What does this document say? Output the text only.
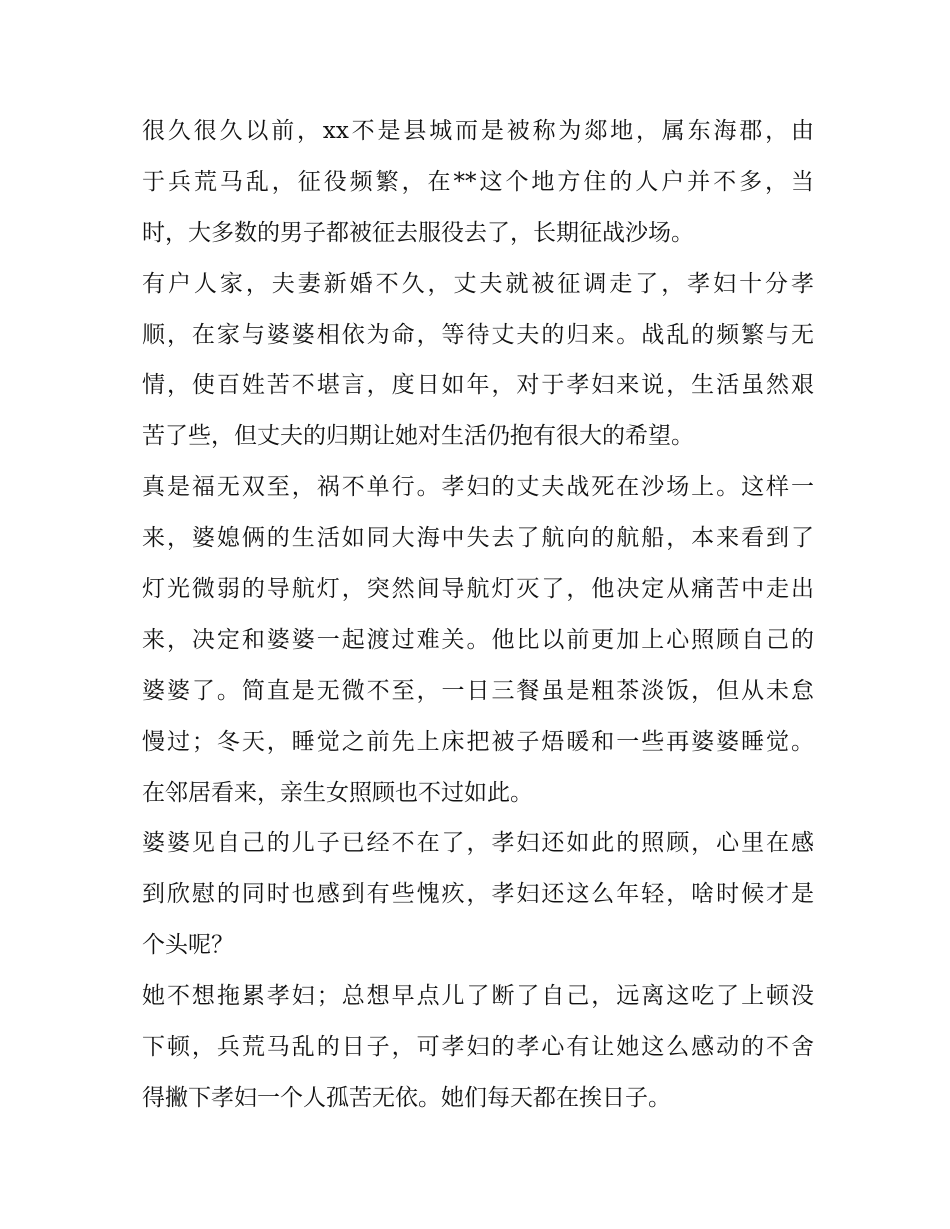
很久很久以前，xx不是县城而是被称为郯地，属东海郡，由
于兵荒马乱，征役频繁，在**这个地方住的人户并不多，当
时，大多数的男子都被征去服役去了，长期征战沙场。
有户人家，夫妻新婚不久，丈夫就被征调走了，孝妇十分孝
顺，在家与婆婆相依为命，等待丈夫的归来。战乱的频繁与无
情，使百姓苦不堪言，度日如年，对于孝妇来说，生活虽然艰
苦了些，但丈夫的归期让她对生活仍抱有很大的希望。
真是福无双至，祸不单行。孝妇的丈夫战死在沙场上。这样一
来，婆媳俩的生活如同大海中失去了航向的航船，本来看到了
灯光微弱的导航灯，突然间导航灯灭了，他决定从痛苦中走出
来，决定和婆婆一起渡过难关。他比以前更加上心照顾自己的
婆婆了。简直是无微不至，一日三餐虽是粗茶淡饭，但从未怠
慢过；冬天，睡觉之前先上床把被子焐暖和一些再婆婆睡觉。
在邻居看来，亲生女照顾也不过如此。
婆婆见自己的儿子已经不在了，孝妇还如此的照顾，心里在感
到欣慰的同时也感到有些愧疚，孝妇还这么年轻，啥时候才是
个头呢？
她不想拖累孝妇；总想早点儿了断了自己，远离这吃了上顿没
下顿，兵荒马乱的日子，可孝妇的孝心有让她这么感动的不舍
得撇下孝妇一个人孤苦无依。她们每天都在挨日子。
